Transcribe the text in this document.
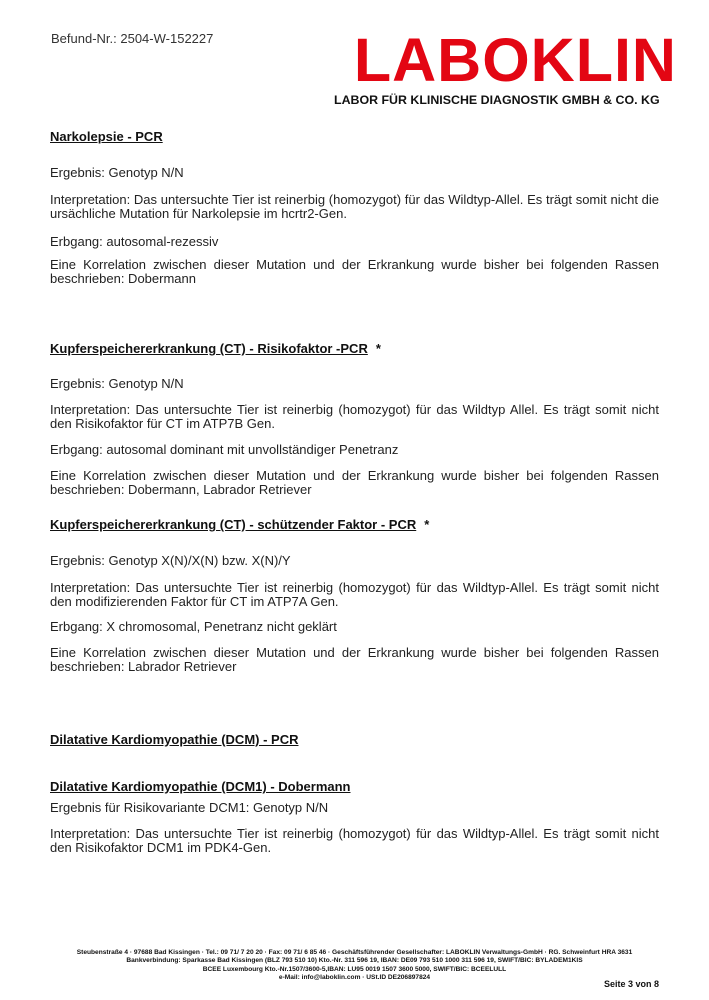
Befund-Nr.: 2504-W-152227	LABOKLIN
LABOR FÜR KLINISCHE DIAGNOSTIK GMBH & CO. KG
Narkolepsie - PCR
Ergebnis: Genotyp N/N
Interpretation: Das untersuchte Tier ist reinerbig (homozygot) für das Wildtyp-Allel. Es trägt somit nicht die ursächliche Mutation für Narkolepsie im hcrtr2-Gen.
Erbgang: autosomal-rezessiv
Eine Korrelation zwischen dieser Mutation und der Erkrankung wurde bisher bei folgenden Rassen beschrieben: Dobermann
Kupferspeichererkrankung (CT) - Risikofaktor -PCR *
Ergebnis: Genotyp N/N
Interpretation: Das untersuchte Tier ist reinerbig (homozygot) für das Wildtyp Allel. Es trägt somit nicht den Risikofaktor für CT im ATP7B Gen.
Erbgang: autosomal dominant mit unvollständiger Penetranz
Eine Korrelation zwischen dieser Mutation und der Erkrankung wurde bisher bei folgenden Rassen beschrieben: Dobermann, Labrador Retriever
Kupferspeichererkrankung (CT) - schützender Faktor - PCR *
Ergebnis: Genotyp X(N)/X(N) bzw. X(N)/Y
Interpretation: Das untersuchte Tier ist reinerbig (homozygot) für das Wildtyp-Allel. Es trägt somit nicht den modifizierenden Faktor für CT im ATP7A Gen.
Erbgang: X chromosomal, Penetranz nicht geklärt
Eine Korrelation zwischen dieser Mutation und der Erkrankung wurde bisher bei folgenden Rassen beschrieben: Labrador Retriever
Dilatative Kardiomyopathie (DCM) - PCR
Dilatative Kardiomyopathie (DCM1) - Dobermann
Ergebnis für Risikovariante DCM1: Genotyp N/N
Interpretation: Das untersuchte Tier ist reinerbig (homozygot) für das Wildtyp-Allel. Es trägt somit nicht den Risikofaktor DCM1 im PDK4-Gen.
Steubenstraße 4 · 97688 Bad Kissingen · Tel.: 09 71/ 7 20 20 · Fax: 09 71/ 6 85 46 · Geschäftsführender Gesellschafter: LABOKLIN Verwaltungs-GmbH · RG. Schweinfurt HRA 3631
Bankverbindung: Sparkasse Bad Kissingen (BLZ 793 510 10) Kto.-Nr. 311 596 19, IBAN: DE09 793 510 1000 311 596 19, SWIFT/BIC: BYLADEM1KIS
BCEE Luxembourg Kto.-Nr.1507/3600-5,IBAN: LU95 0019 1507 3600 5000, SWIFT/BIC: BCEELULL
e-Mail: info@laboklin.com · USt.ID DE206897824
Seite 3 von 8
